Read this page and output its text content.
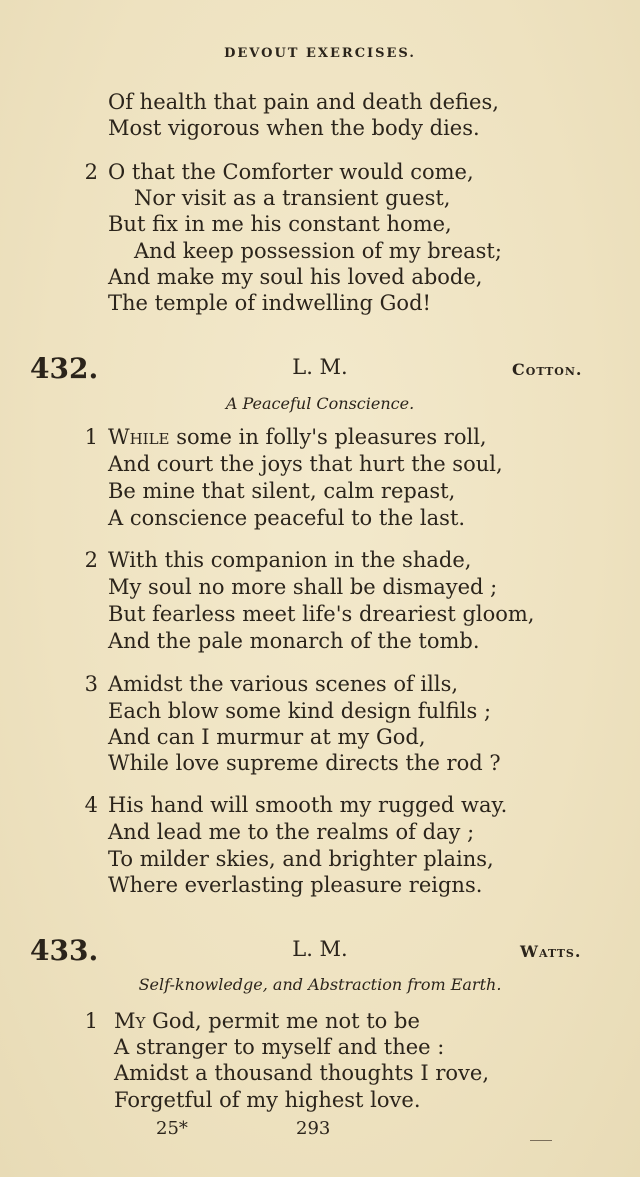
DEVOUT EXERCISES.
Of health that pain and death defies,
Most vigorous when the body dies.
2 O that the Comforter would come,
Nor visit as a transient guest,
But fix in me his constant home,
And keep possession of my breast;
And make my soul his loved abode,
The temple of indwelling God!
432.	L. M.	Cotton.
A Peaceful Conscience.
1 While some in folly's pleasures roll,
And court the joys that hurt the soul,
Be mine that silent, calm repast,
A conscience peaceful to the last.
2 With this companion in the shade,
My soul no more shall be dismayed ;
But fearless meet life's dreariest gloom,
And the pale monarch of the tomb.
3 Amidst the various scenes of ills,
Each blow some kind design fulfils ;
And can I murmur at my God,
While love supreme directs the rod ?
4 His hand will smooth my rugged way.
And lead me to the realms of day ;
To milder skies, and brighter plains,
Where everlasting pleasure reigns.
433.	L. M.	Watts.
Self-knowledge, and Abstraction from Earth.
1 My God, permit me not to be
A stranger to myself and thee :
Amidst a thousand thoughts I rove,
Forgetful of my highest love.
25*	293
